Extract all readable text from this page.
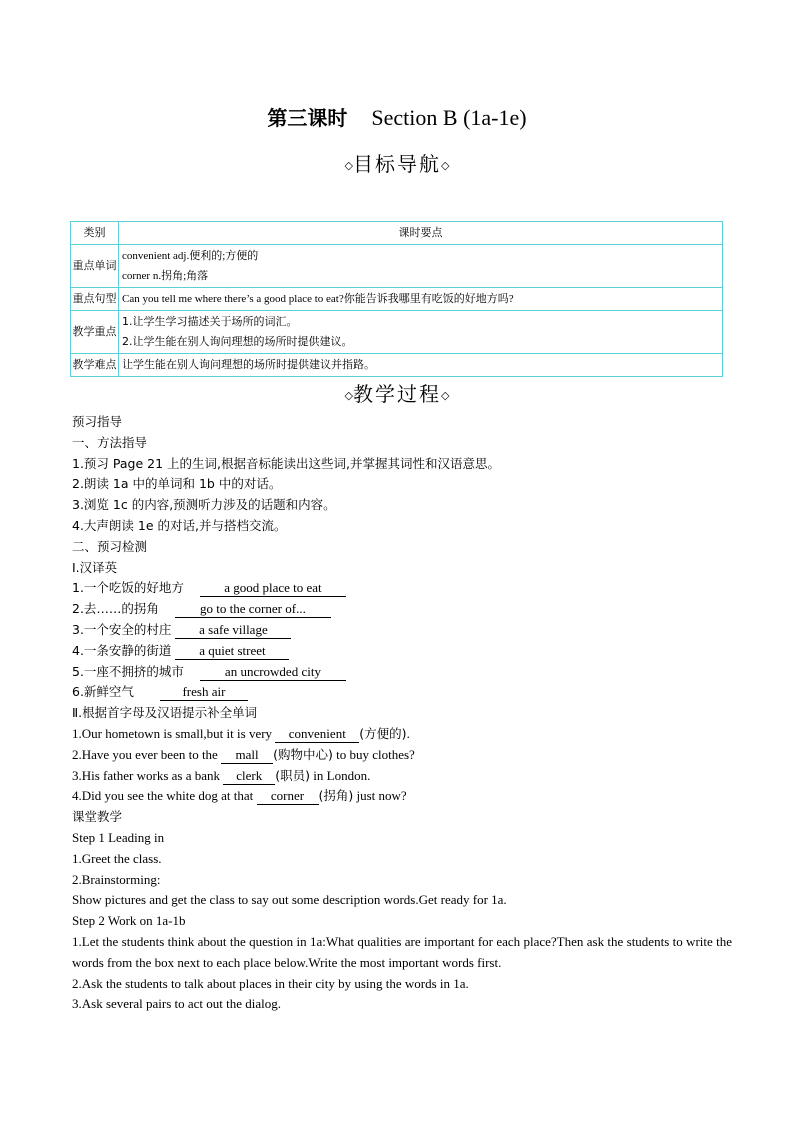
第三课时 Section B (1a-1e)
◇目标导航◇
类别	课时要点
重点单词	convenient adj.便利的;方便的
corner n.拐角;角落

重点句型	Can you tell me where there’s a good place to eat?你能告诉我哪里有吃饭的好地方吗?

教学重点	1.让学生学习描述关于场所的词汇。
2.让学生能在别人询问理想的场所时提供建议。

教学难点	让学生能在别人询问理想的场所时提供建议并指路。
◇教学过程◇
预习指导
一、方法指导
1.预习 Page 21 上的生词,根据音标能读出这些词,并掌握其词性和汉语意思。
2.朗读 1a 中的单词和 1b 中的对话。
3.浏览 1c 的内容,预测听力涉及的话题和内容。
4.大声朗读 1e 的对话,并与搭档交流。
二、预习检测
Ⅰ.汉译英
1.一个吃饭的好地方	a good place to eat
2.去……的拐角	go to the corner of...
3.一个安全的村庄 a safe village
4.一条安静的街道 a quiet street
5.一座不拥挤的城市	an uncrowded city
6.新鲜空气	fresh air
Ⅱ.根据首字母及汉语提示补全单词
1.Our hometown is small,but it is very convenient (方便的).
2.Have you ever been to the mall (购物中心) to buy clothes?
3.His father works as a bank clerk (职员) in London.
4.Did you see the white dog at that corner (拐角) just now?
课堂教学
Step 1 Leading in
1.Greet the class.
2.Brainstorming:
Show pictures and get the class to say out some description words.Get ready for 1a.
Step 2 Work on 1a-1b
1.Let the students think about the question in 1a:What qualities are important for each place?Then ask the students to write the words from the box next to each place below.Write the most important words first.
2.Ask the students to talk about places in their city by using the words in 1a.
3.Ask several pairs to act out the dialog.
